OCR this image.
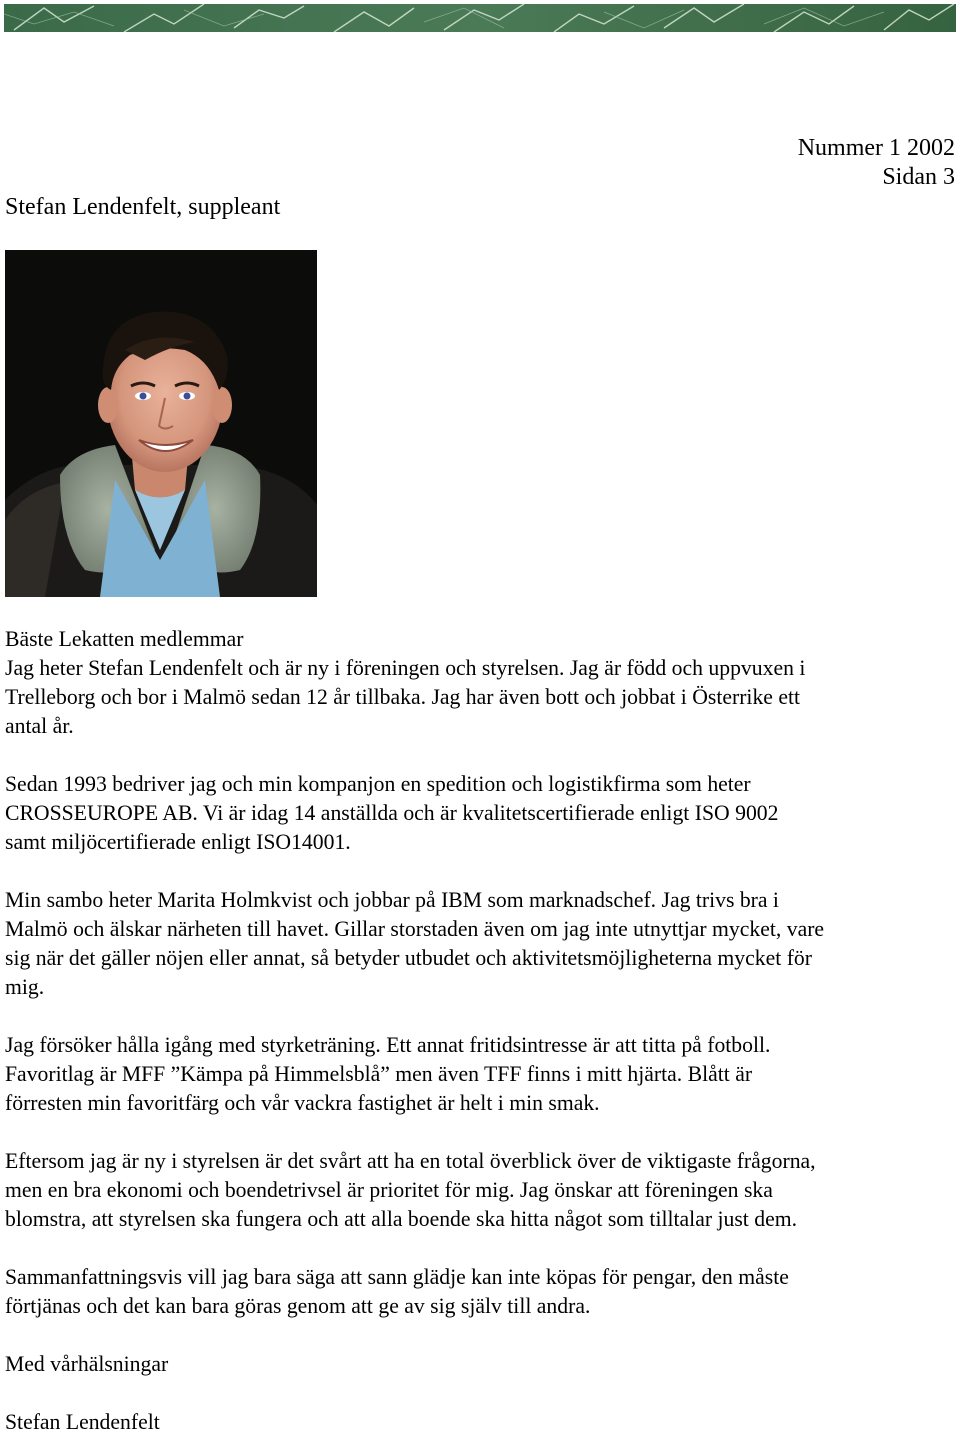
Nummer 1 2002
Sidan 3
Stefan Lendenfelt, suppleant

Bäste Lekatten medlemmar

Jag heter Stefan Lendenfelt och är ny i föreningen och styrelsen. Jag är född och uppvuxen i
Trelleborg och bor i Malmö sedan 12 år tillbaka. Jag har även bott och jobbat i Österrike ett
antal år.

Sedan 1993 bedriver jag och min kompanjon en spedition och logistikfirma som heter
CROSSEUROPE AB. Vi är idag 14 anställda och är kvalitetscertifierade enligt ISO 9002
samt miljöcertifierade enligt ISO14001.

Min sambo heter Marita Holmkvist och jobbar på IBM som marknadschef. Jag trivs bra i
Malmö och älskar närheten till havet. Gillar storstaden även om jag inte utnyttjar mycket, vare
sig när det gäller nöjen eller annat, så betyder utbudet och aktivitetsmöjligheterna mycket för
mig.

Jag försöker hålla igång med styrketräning. Ett annat fritidsintresse är att titta på fotboll.
Favoritlag är MFF ”Kämpa på Himmelsblå” men även TFF finns i mitt hjärta. Blått är
förresten min favoritfärg och vår vackra fastighet är helt i min smak.

Eftersom jag är ny i styrelsen är det svårt att ha en total överblick över de viktigaste frågorna,
men en bra ekonomi och boendetrivsel är prioritet för mig. Jag önskar att föreningen ska
blomstra, att styrelsen ska fungera och att alla boende ska hitta något som tilltalar just dem.

Sammanfattningsvis vill jag bara säga att sann glädje kan inte köpas för pengar, den måste
förtjänas och det kan bara göras genom att ge av sig själv till andra.

Med vårhälsningar

Stefan Lendenfelt
